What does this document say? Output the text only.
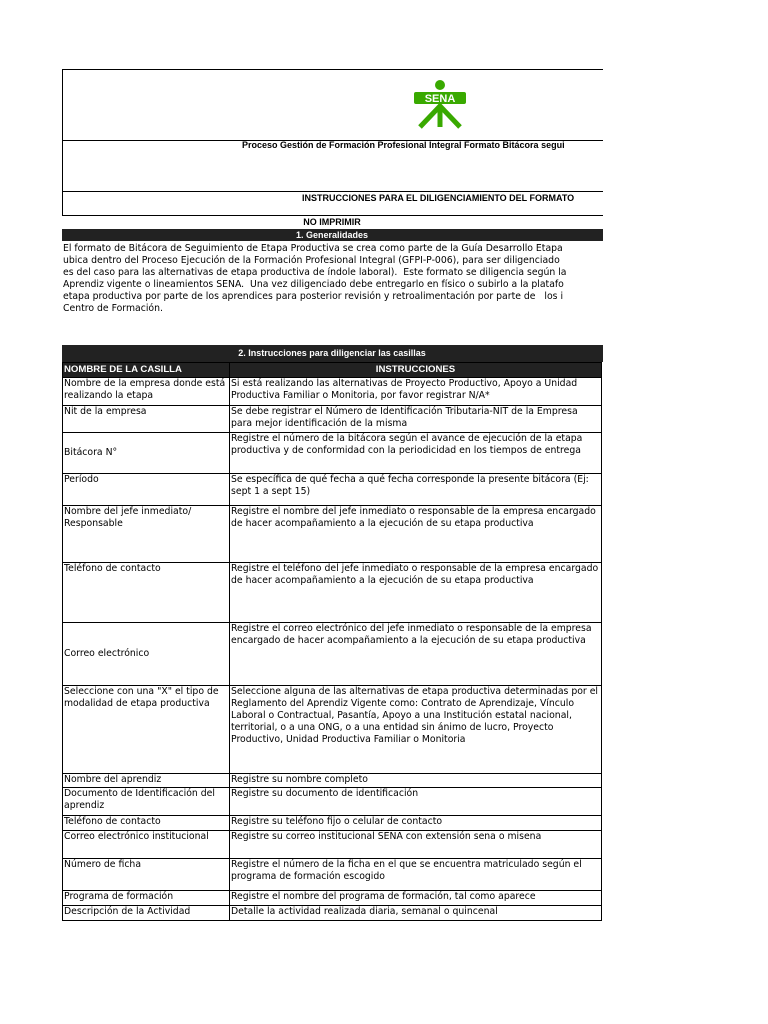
SENA
Proceso Gestión de Formación Profesional Integral Formato Bitácora segui
INSTRUCCIONES PARA EL DILIGENCIAMIENTO DEL FORMATO
NO IMPRIMIR
1. Generalidades
El formato de Bitácora de Seguimiento de Etapa Productiva se crea como parte de la Guía Desarrollo Etapa
ubica dentro del Proceso Ejecución de la Formación Profesional Integral (GFPI-P-006), para ser diligenciado
es del caso para las alternativas de etapa productiva de índole laboral).  Este formato se diligencia según la
Aprendiz vigente o lineamientos SENA.  Una vez diligenciado debe entregarlo en físico o subirlo a la platafo
etapa productiva por parte de los aprendices para posterior revisión y retroalimentación por parte de   los i
Centro de Formación.
2. Instrucciones para diligenciar las casillas
NOMBRE DE LA CASILLA	INSTRUCCIONES
Nombre de la empresa donde está realizando la etapa	Si está realizando las alternativas de Proyecto Productivo, Apoyo a Unidad Productiva Familiar o Monitoria, por favor registrar N/A*
Nit de la empresa	Se debe registrar el Número de Identificación Tributaria-NIT de la Empresa para mejor identificación de la misma
Bitácora N°	Registre el número de la bitácora según el avance de ejecución de la etapa productiva y de conformidad con la periodicidad en los tiempos de entrega
Período	Se específica de qué fecha a qué fecha corresponde la presente bitácora (Ej: sept 1 a sept 15)
Nombre del jefe inmediato/ Responsable	Registre el nombre del jefe inmediato o responsable de la empresa encargado de hacer acompañamiento a la ejecución de su etapa productiva
Teléfono de contacto	Registre el teléfono del jefe inmediato o responsable de la empresa encargado de hacer acompañamiento a la ejecución de su etapa productiva
Correo electrónico	Registre el correo electrónico del jefe inmediato o responsable de la empresa encargado de hacer acompañamiento a la ejecución de su etapa productiva
Seleccione con una "X" el tipo de modalidad de etapa productiva	Seleccione alguna de las alternativas de etapa productiva determinadas por el Reglamento del Aprendiz Vigente como: Contrato de Aprendizaje, Vínculo Laboral o Contractual, Pasantía, Apoyo a una Institución estatal nacional, territorial, o a una ONG, o a una entidad sin ánimo de lucro, Proyecto Productivo, Unidad Productiva Familiar o Monitoria
Nombre del aprendiz	Registre su nombre completo
Documento de Identificación del aprendiz	Registre su documento de identificación
Teléfono de contacto	Registre su teléfono fijo o celular de contacto
Correo electrónico institucional	Registre su correo institucional SENA con extensión sena o misena
Número de ficha	Registre el número de la ficha en el que se encuentra matriculado según el programa de formación escogido
Programa de formación	Registre el nombre del programa de formación, tal como aparece
Descripción de la Actividad	Detalle la actividad realizada diaria, semanal o quincenal
